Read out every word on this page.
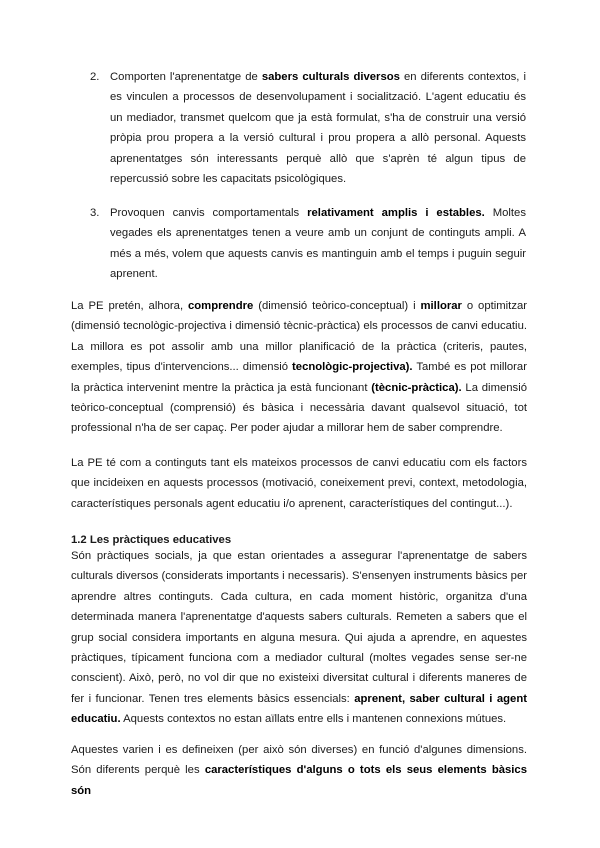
2. Comporten l'aprenentatge de sabers culturals diversos en diferents contextos, i es vinculen a processos de desenvolupament i socialització. L'agent educatiu és un mediador, transmet quelcom que ja està formulat, s'ha de construir una versió pròpia prou propera a la versió cultural i prou propera a allò personal. Aquests aprenentatges són interessants perquè allò que s'aprèn té algun tipus de repercussió sobre les capacitats psicològiques.
3. Provoquen canvis comportamentals relativament amplis i estables. Moltes vegades els aprenentatges tenen a veure amb un conjunt de continguts ampli. A més a més, volem que aquests canvis es mantinguin amb el temps i puguin seguir aprenent.
La PE pretén, alhora, comprendre (dimensió teòrico-conceptual) i millorar o optimitzar (dimensió tecnològic-projectiva i dimensió tècnic-pràctica) els processos de canvi educatiu. La millora es pot assolir amb una millor planificació de la pràctica (criteris, pautes, exemples, tipus d'intervencions... dimensió tecnològic-projectiva). També es pot millorar la pràctica intervenint mentre la pràctica ja està funcionant (tècnic-pràctica). La dimensió teòrico-conceptual (comprensió) és bàsica i necessària davant qualsevol situació, tot professional n'ha de ser capaç. Per poder ajudar a millorar hem de saber comprendre.
La PE té com a continguts tant els mateixos processos de canvi educatiu com els factors que incideixen en aquests processos (motivació, coneixement previ, context, metodologia, característiques personals agent educatiu i/o aprenent, característiques del contingut...).
1.2 Les pràctiques educatives
Són pràctiques socials, ja que estan orientades a assegurar l'aprenentatge de sabers culturals diversos (considerats importants i necessaris). S'ensenyen instruments bàsics per aprendre altres continguts. Cada cultura, en cada moment històric, organitza d'una determinada manera l'aprenentatge d'aquests sabers culturals. Remeten a sabers que el grup social considera importants en alguna mesura. Qui ajuda a aprendre, en aquestes pràctiques, típicament funciona com a mediador cultural (moltes vegades sense ser-ne conscient). Això, però, no vol dir que no existeixi diversitat cultural i diferents maneres de fer i funcionar. Tenen tres elements bàsics essencials: aprenent, saber cultural i agent educatiu. Aquests contextos no estan aïllats entre ells i mantenen connexions mútues.
Aquestes varien i es defineixen (per això són diverses) en funció d'algunes dimensions. Són diferents perquè les característiques d'alguns o tots els seus elements bàsics són
